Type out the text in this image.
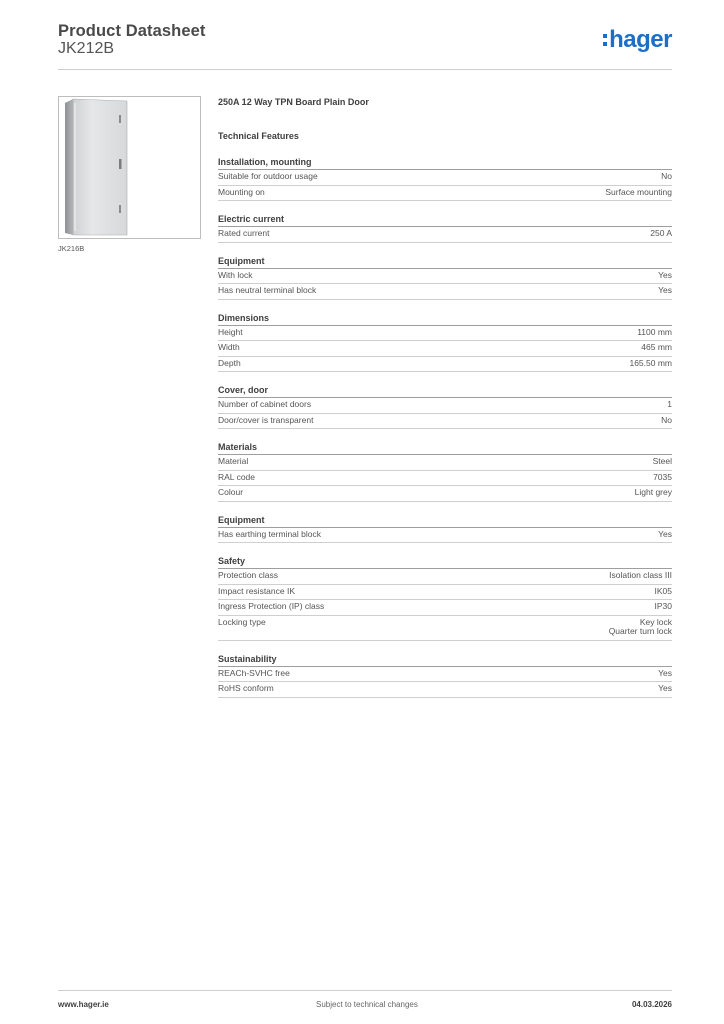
Product Datasheet
JK212B	hager
JK216B
250A 12 Way TPN Board Plain Door
Technical Features
Installation, mounting
Suitable for outdoor usage	No
Mounting on	Surface mounting
Electric current
Rated current	250 A
Equipment
With lock	Yes
Has neutral terminal block	Yes
Dimensions
Height	1100 mm
Width	465 mm
Depth	165.50 mm
Cover, door
Number of cabinet doors	1
Door/cover is transparent	No
Materials
Material	Steel
RAL code	7035
Colour	Light grey
Equipment
Has earthing terminal block	Yes
Safety
Protection class	Isolation class III
Impact resistance IK	IK05
Ingress Protection (IP) class	IP30
Locking type	Key lock
Quarter turn lock
Sustainability
REACh-SVHC free	Yes
RoHS conform	Yes
www.hager.ie	Subject to technical changes	04.03.2026
